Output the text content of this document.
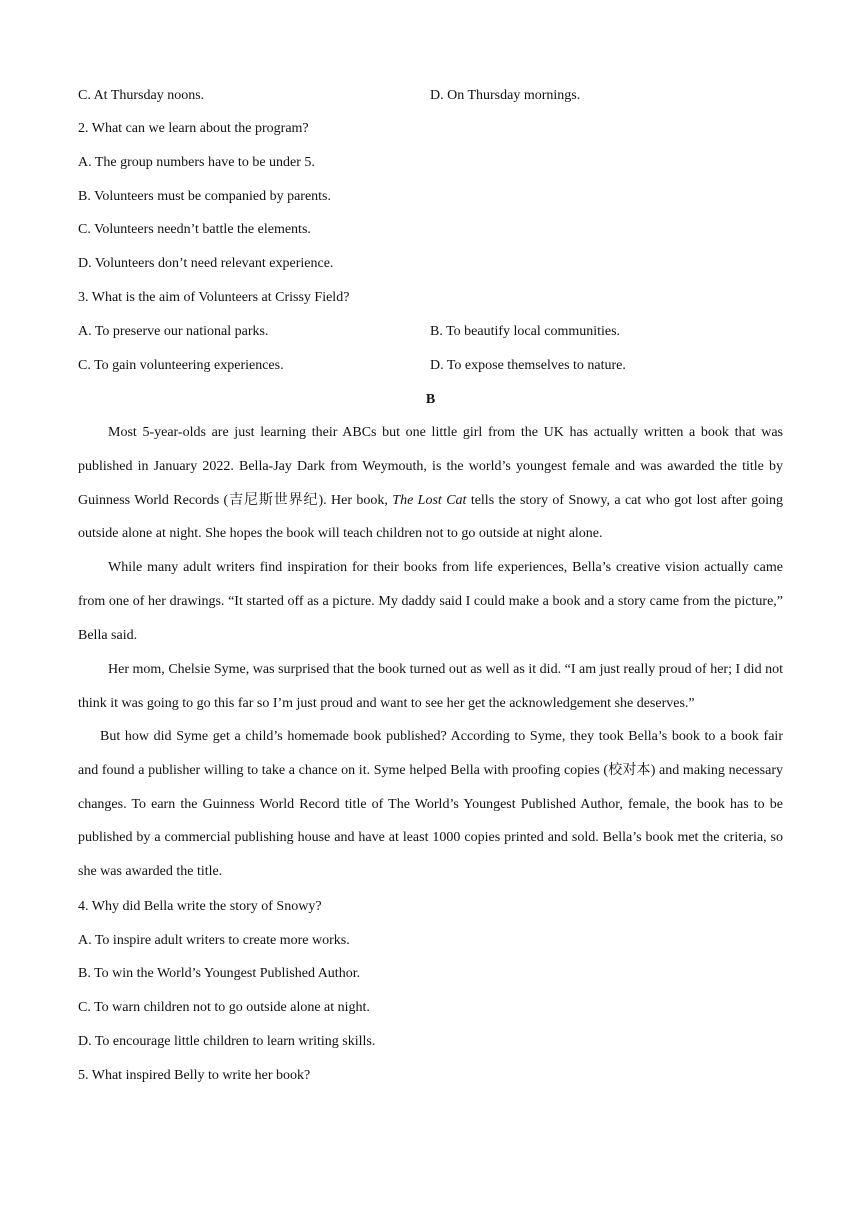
C. At Thursday noons.	D. On Thursday mornings.
2. What can we learn about the program?
A. The group numbers have to be under 5.
B. Volunteers must be companied by parents.
C. Volunteers needn’t battle the elements.
D. Volunteers don’t need relevant experience.
3. What is the aim of Volunteers at Crissy Field?
A. To preserve our national parks.	B. To beautify local communities.
C. To gain volunteering experiences.	D. To expose themselves to nature.
B
Most 5-year-olds are just learning their ABCs but one little girl from the UK has actually written a book that was published in January 2022. Bella-Jay Dark from Weymouth, is the world’s youngest female and was awarded the title by Guinness World Records (吉尼斯世界纪). Her book, The Lost Cat tells the story of Snowy, a cat who got lost after going outside alone at night. She hopes the book will teach children not to go outside at night alone.
While many adult writers find inspiration for their books from life experiences, Bella’s creative vision actually came from one of her drawings. “It started off as a picture. My daddy said I could make a book and a story came from the picture,” Bella said.
Her mom, Chelsie Syme, was surprised that the book turned out as well as it did. “I am just really proud of her; I did not think it was going to go this far so I’m just proud and want to see her get the acknowledgement she deserves.”
But how did Syme get a child’s homemade book published? According to Syme, they took Bella’s book to a book fair and found a publisher willing to take a chance on it. Syme helped Bella with proofing copies (校对本) and making necessary changes. To earn the Guinness World Record title of The World’s Youngest Published Author, female, the book has to be published by a commercial publishing house and have at least 1000 copies printed and sold. Bella’s book met the criteria, so she was awarded the title.
4. Why did Bella write the story of Snowy?
A. To inspire adult writers to create more works.
B. To win the World’s Youngest Published Author.
C. To warn children not to go outside alone at night.
D. To encourage little children to learn writing skills.
5. What inspired Belly to write her book?
